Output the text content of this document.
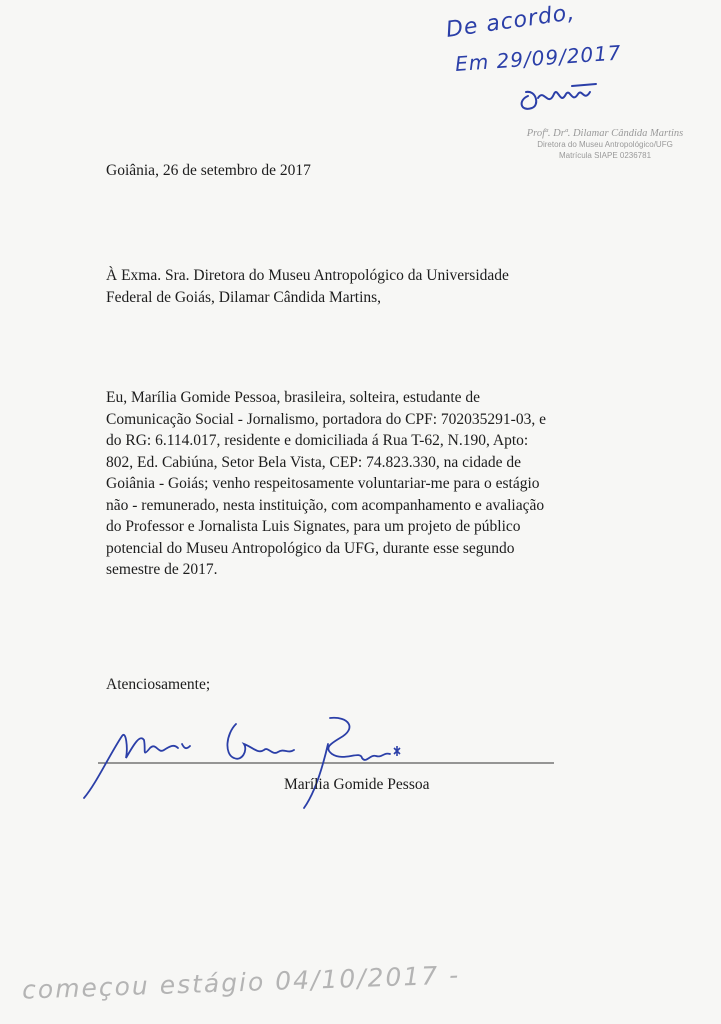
De acordo,
Em 29/09/2017
Profª. Drª. Dilamar Cândida Martins
Diretora do Museu Antropológico/UFG
Matrícula SIAPE 0236781
Goiânia, 26 de setembro de 2017
À Exma. Sra. Diretora do Museu Antropológico da Universidade
Federal de Goiás, Dilamar Cândida Martins,
Eu, Marília Gomide Pessoa, brasileira, solteira, estudante de
Comunicação Social - Jornalismo, portadora do CPF: 702035291-03, e
do RG: 6.114.017, residente e domiciliada á Rua T-62, N.190, Apto:
802, Ed. Cabiúna, Setor Bela Vista, CEP: 74.823.330, na cidade de
Goiânia - Goiás; venho respeitosamente voluntariar-me para o estágio
não - remunerado, nesta instituição, com acompanhamento e avaliação
do Professor e Jornalista Luis Signates, para um projeto de público
potencial do Museu Antropológico da UFG, durante esse segundo
semestre de 2017.
Atenciosamente;
Marília Gomide Pessoa
começou estágio 04/10/2017 -
